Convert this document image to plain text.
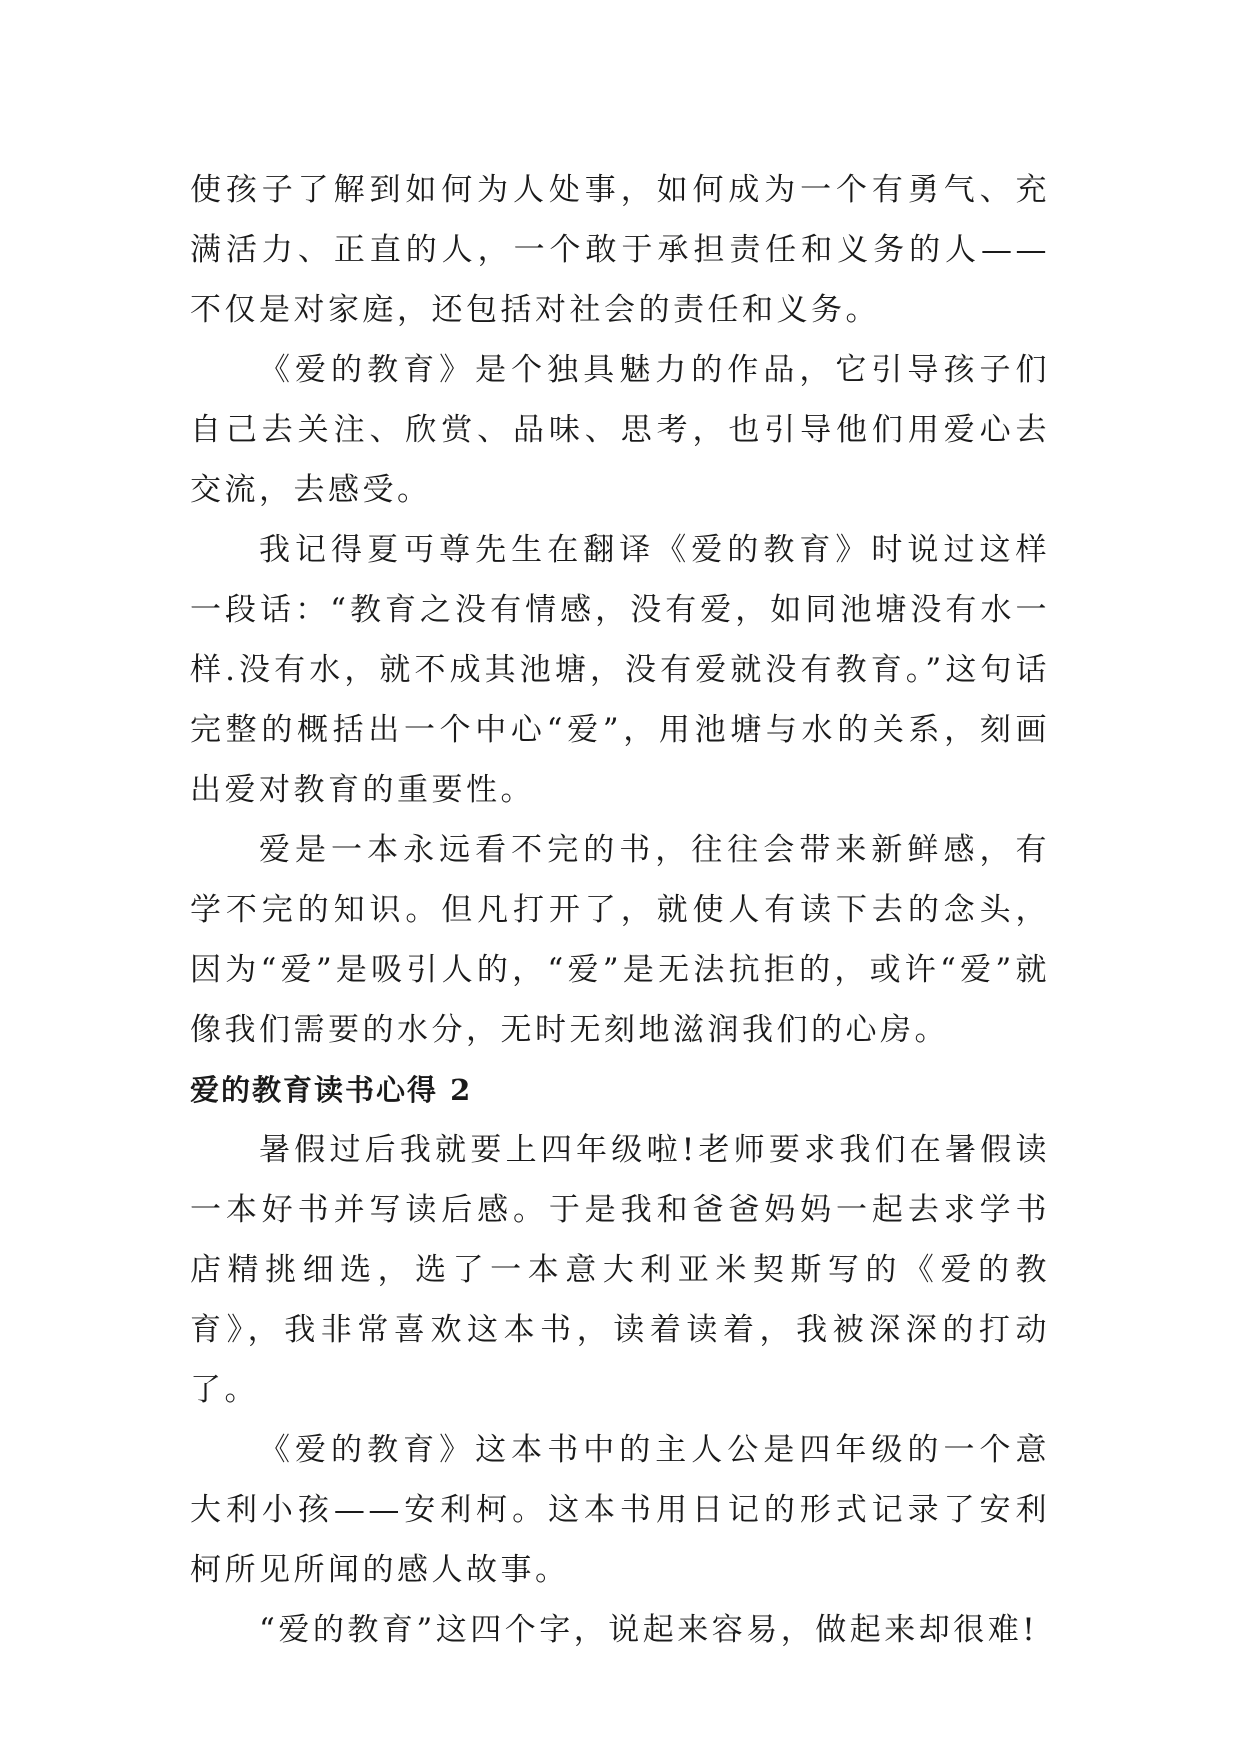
使孩子了解到如何为人处事，如何成为一个有勇气、充满活力、正直的人，一个敢于承担责任和义务的人——不仅是对家庭，还包括对社会的责任和义务。

《爱的教育》是个独具魅力的作品，它引导孩子们自己去关注、欣赏、品味、思考，也引导他们用爱心去交流，去感受。

我记得夏丏尊先生在翻译《爱的教育》时说过这样一段话：“教育之没有情感，没有爱，如同池塘没有水一样.没有水，就不成其池塘，没有爱就没有教育。”这句话完整的概括出一个中心“爱”，用池塘与水的关系，刻画出爱对教育的重要性。

爱是一本永远看不完的书，往往会带来新鲜感，有学不完的知识。但凡打开了，就使人有读下去的念头，因为“爱”是吸引人的，“爱”是无法抗拒的，或许“爱”就像我们需要的水分，无时无刻地滋润我们的心房。

爱的教育读书心得 2

暑假过后我就要上四年级啦!老师要求我们在暑假读一本好书并写读后感。于是我和爸爸妈妈一起去求学书店精挑细选，选了一本意大利亚米契斯写的《爱的教育》，我非常喜欢这本书，读着读着，我被深深的打动了。

《爱的教育》这本书中的主人公是四年级的一个意大利小孩——安利柯。这本书用日记的形式记录了安利柯所见所闻的感人故事。

“爱的教育”这四个字，说起来容易，做起来却很难!
